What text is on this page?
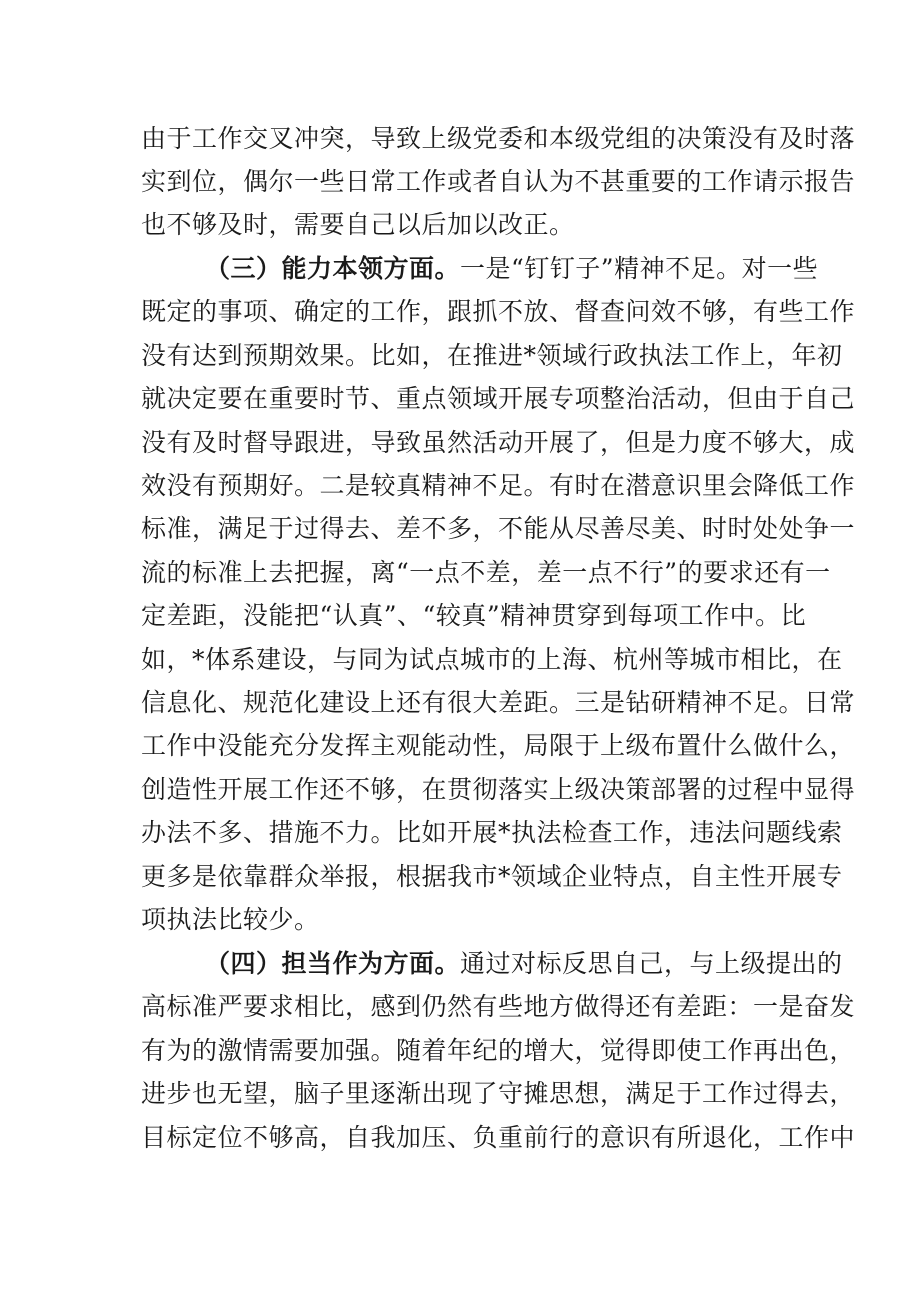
由于工作交叉冲突，导致上级党委和本级党组的决策没有及时落

实到位，偶尔一些日常工作或者自认为不甚重要的工作请示报告

也不够及时，需要自己以后加以改正。

（三）能力本领方面。一是“钉钉子”精神不足。对一些

既定的事项、确定的工作，跟抓不放、督查问效不够，有些工作

没有达到预期效果。比如，在推进*领域行政执法工作上，年初

就决定要在重要时节、重点领域开展专项整治活动，但由于自己

没有及时督导跟进，导致虽然活动开展了，但是力度不够大，成

效没有预期好。二是较真精神不足。有时在潜意识里会降低工作

标准，满足于过得去、差不多，不能从尽善尽美、时时处处争一

流的标准上去把握，离“一点不差，差一点不行”的要求还有一

定差距，没能把“认真”、“较真”精神贯穿到每项工作中。比

如，*体系建设，与同为试点城市的上海、杭州等城市相比，在

信息化、规范化建设上还有很大差距。三是钻研精神不足。日常

工作中没能充分发挥主观能动性，局限于上级布置什么做什么，

创造性开展工作还不够，在贯彻落实上级决策部署的过程中显得

办法不多、措施不力。比如开展*执法检查工作，违法问题线索

更多是依靠群众举报，根据我市*领域企业特点，自主性开展专

项执法比较少。

（四）担当作为方面。通过对标反思自己，与上级提出的

高标准严要求相比，感到仍然有些地方做得还有差距：一是奋发

有为的激情需要加强。随着年纪的增大，觉得即使工作再出色，

进步也无望，脑子里逐渐出现了守摊思想，满足于工作过得去，

目标定位不够高，自我加压、负重前行的意识有所退化，工作中
